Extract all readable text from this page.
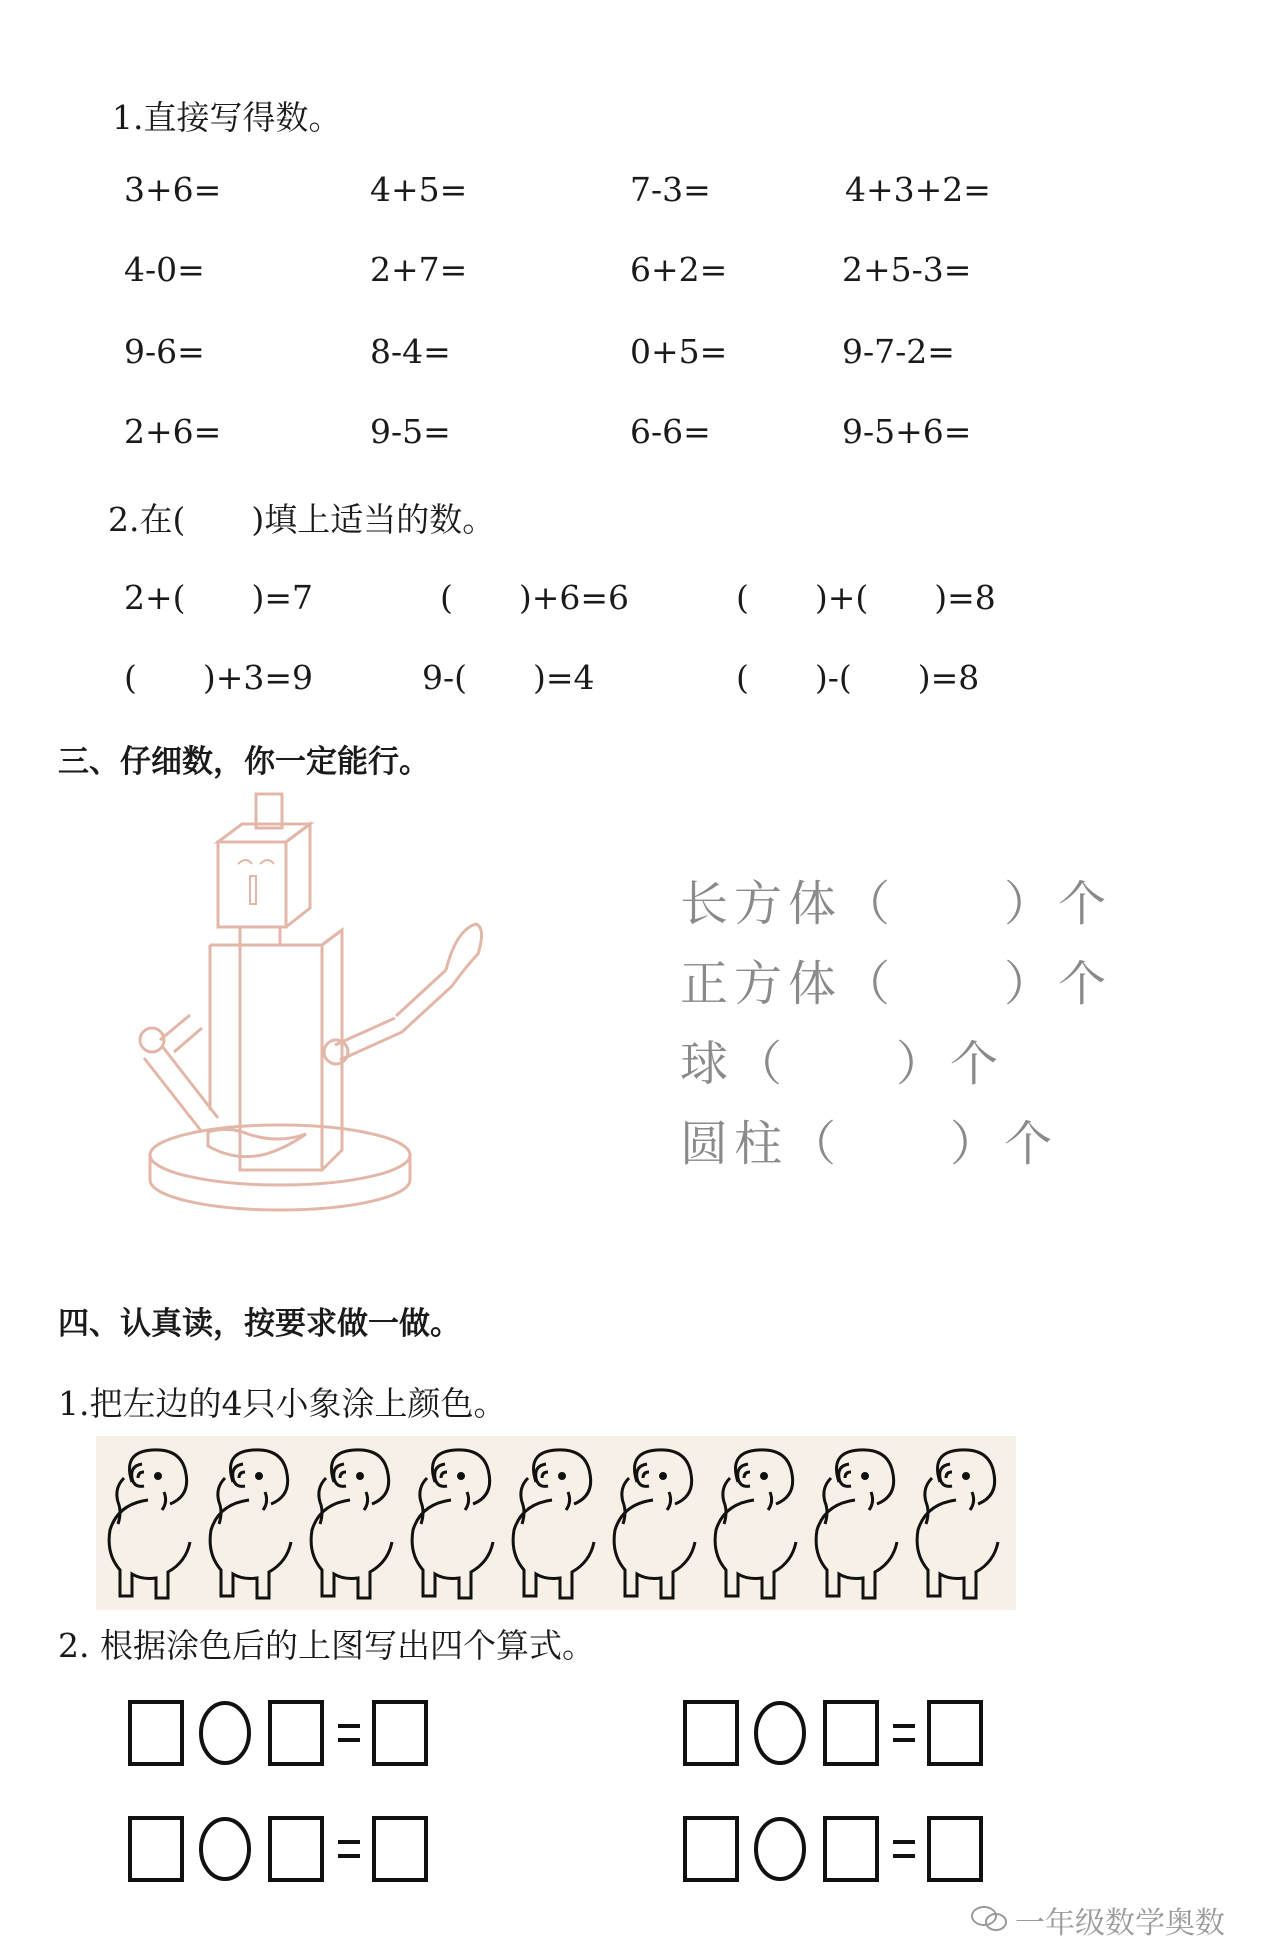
1.直接写得数。
3+6=	4+5=	7-3=	4+3+2=
4-0=	2+7=	6+2=	2+5-3=
9-6=	8-4=	0+5=	9-7-2=
2+6=	9-5=	6-6=	9-5+6=
2.在(　　)填上适当的数。
2+(　　)=7	(　　)+6=6	(　　)+(　　)=8
(　　)+3=9	9-(　　)=4	(　　)-(　　)=8
三、仔细数，你一定能行。
长方体（　　）个
正方体（　　）个
球（　　）个
圆柱（　　）个
四、认真读，按要求做一做。
1.把左边的4只小象涂上颜色。
2. 根据涂色后的上图写出四个算式。
一年级数学奥数
